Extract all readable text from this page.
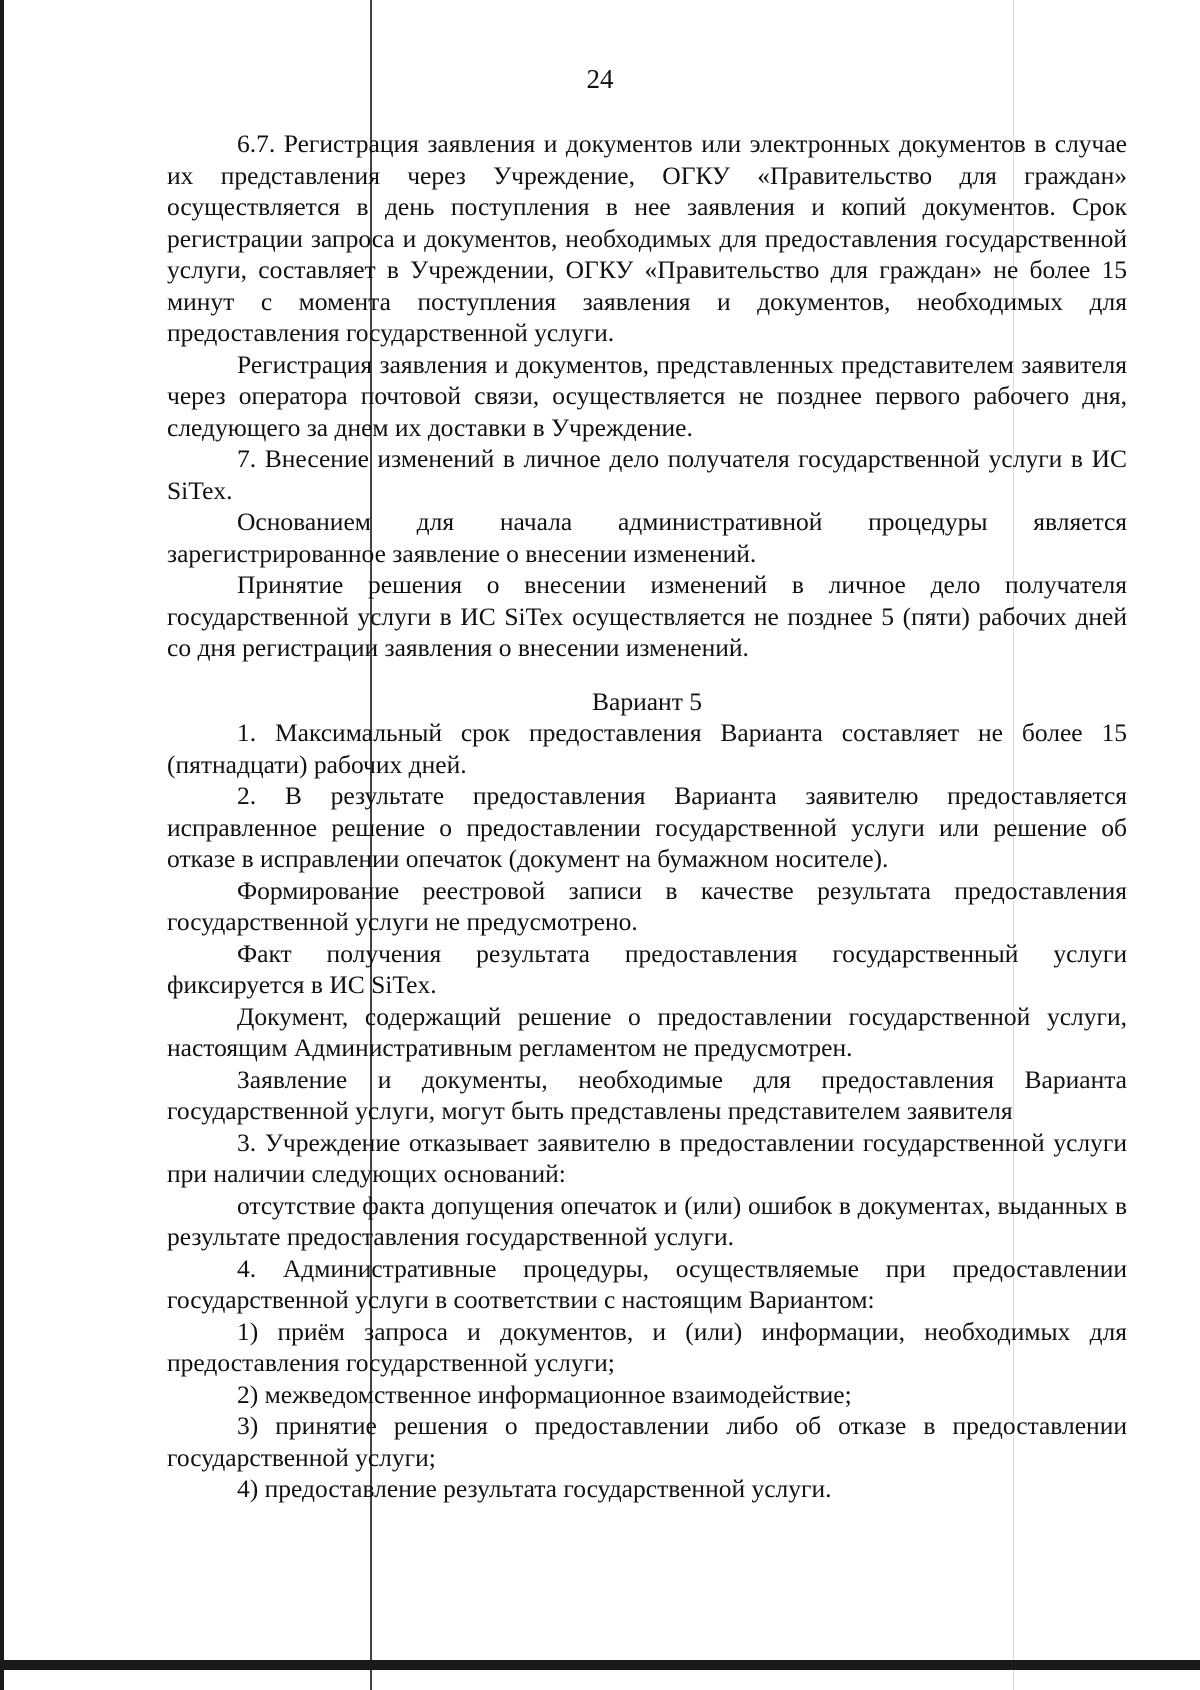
24

6.7. Регистрация заявления и документов или электронных документов в случае их представления через Учреждение, ОГКУ «Правительство для граждан» осуществляется в день поступления в нее заявления и копий документов. Срок регистрации запроса и документов, необходимых для предоставления государственной услуги, составляет в Учреждении, ОГКУ «Правительство для граждан» не более 15 минут с момента поступления заявления и документов, необходимых для предоставления государственной услуги.

Регистрация заявления и документов, представленных представителем заявителя через оператора почтовой связи, осуществляется не позднее первого рабочего дня, следующего за днем их доставки в Учреждение.

7. Внесение изменений в личное дело получателя государственной услуги в ИС SiTex.

Основанием для начала административной процедуры является зарегистрированное заявление о внесении изменений.

Принятие решения о внесении изменений в личное дело получателя государственной услуги в ИС SiTex осуществляется не позднее 5 (пяти) рабочих дней со дня регистрации заявления о внесении изменений.

Вариант 5

1. Максимальный срок предоставления Варианта составляет не более 15 (пятнадцати) рабочих дней.

2. В результате предоставления Варианта заявителю предоставляется исправленное решение о предоставлении государственной услуги или решение об отказе в исправлении опечаток (документ на бумажном носителе).

Формирование реестровой записи в качестве результата предоставления государственной услуги не предусмотрено.

Факт получения результата предоставления государственный услуги фиксируется в ИС SiTex.

Документ, содержащий решение о предоставлении государственной услуги, настоящим Административным регламентом не предусмотрен.

Заявление и документы, необходимые для предоставления Варианта государственной услуги, могут быть представлены представителем заявителя

3. Учреждение отказывает заявителю в предоставлении государственной услуги при наличии следующих оснований:

отсутствие факта допущения опечаток и (или) ошибок в документах, выданных в результате предоставления государственной услуги.

4. Административные процедуры, осуществляемые при предоставлении государственной услуги в соответствии с настоящим Вариантом:

1) приём запроса и документов, и (или) информации, необходимых для предоставления государственной услуги;

2) межведомственное информационное взаимодействие;

3) принятие решения о предоставлении либо об отказе в предоставлении государственной услуги;

4) предоставление результата государственной услуги.
